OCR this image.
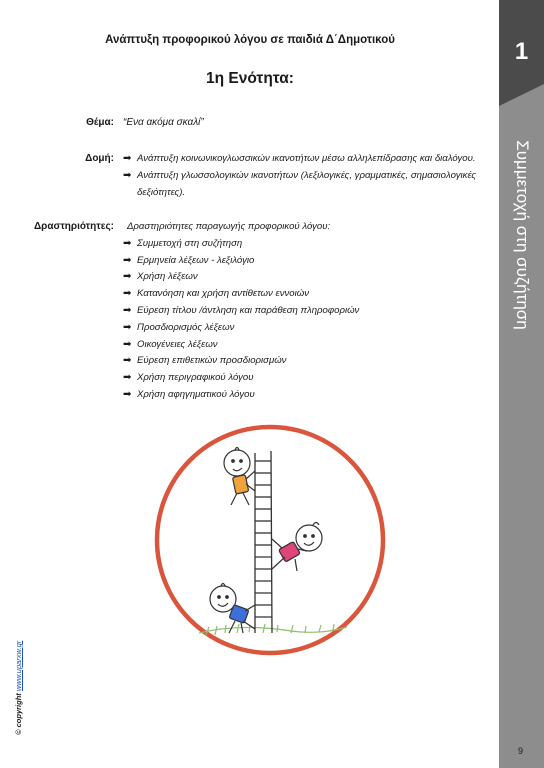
Ανάπτυξη προφορικού λόγου σε παιδιά Δ΄Δημοτικού
1η Ενότητα:
Θέμα: “Ενα ακόμα σκαλί”
Δομή: ➡ Ανάπτυξη κοινωνικογλωσσικών ικανοτήτων μέσω αλληλεπίδρασης και διαλόγου.
➡ Ανάπτυξη γλωσσολογικών ικανοτήτων (λεξιλογικές, γραμματικές, σημασιολογικές δεξιότητες).
Δραστηριότητες:	Δραστηριότητες παραγωγής προφορικού λόγου:
➡ Συμμετοχή στη συζήτηση
➡ Ερμηνεία λέξεων - λεξιλόγιο
➡ Χρήση λέξεων
➡ Κατανόηση και χρήση αντίθετων εννοιών
➡ Εύρεση τίτλου /άντληση και παράθεση πληροφοριών
➡ Προσδιορισμός λέξεων
➡ Οικογένειες λέξεων
➡ Εύρεση επιθετικών προσδιορισμών
➡ Χρήση περιγραφικού λόγου
➡ Χρήση αφηγηματικού λόγου
1
Συμμετοχή στη συζήτηση
© copyright www.uparxw.gr
9
